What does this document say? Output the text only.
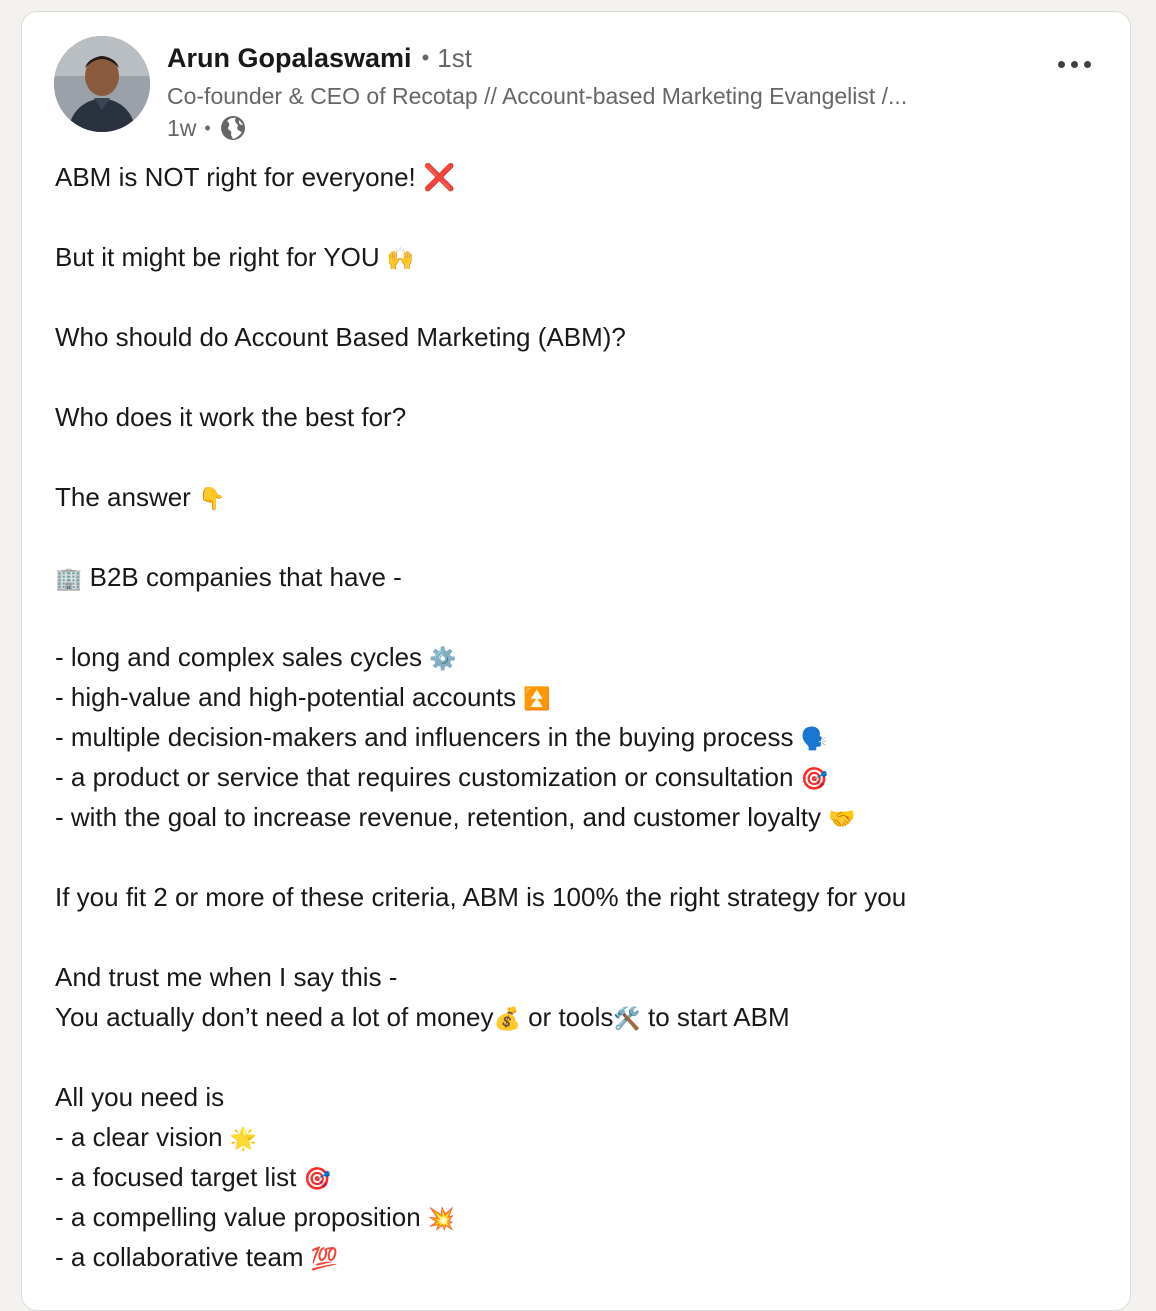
Arun Gopalaswami • 1st
Co-founder & CEO of Recotap // Account-based Marketing Evangelist /...
1w •
ABM is NOT right for everyone! ❌
But it might be right for YOU 🙌
Who should do Account Based Marketing (ABM)?
Who does it work the best for?
The answer 👇
🏢 B2B companies that have -
- long and complex sales cycles ⚙️
- high-value and high-potential accounts ⏫
- multiple decision-makers and influencers in the buying process 🗣️
- a product or service that requires customization or consultation 🎯
- with the goal to increase revenue, retention, and customer loyalty 🤝
If you fit 2 or more of these criteria, ABM is 100% the right strategy for you
And trust me when I say this -
You actually don’t need a lot of money💰 or tools🛠️ to start ABM
All you need is
- a clear vision 🌟
- a focused target list 🎯
- a compelling value proposition 💥
- a collaborative team 💯
